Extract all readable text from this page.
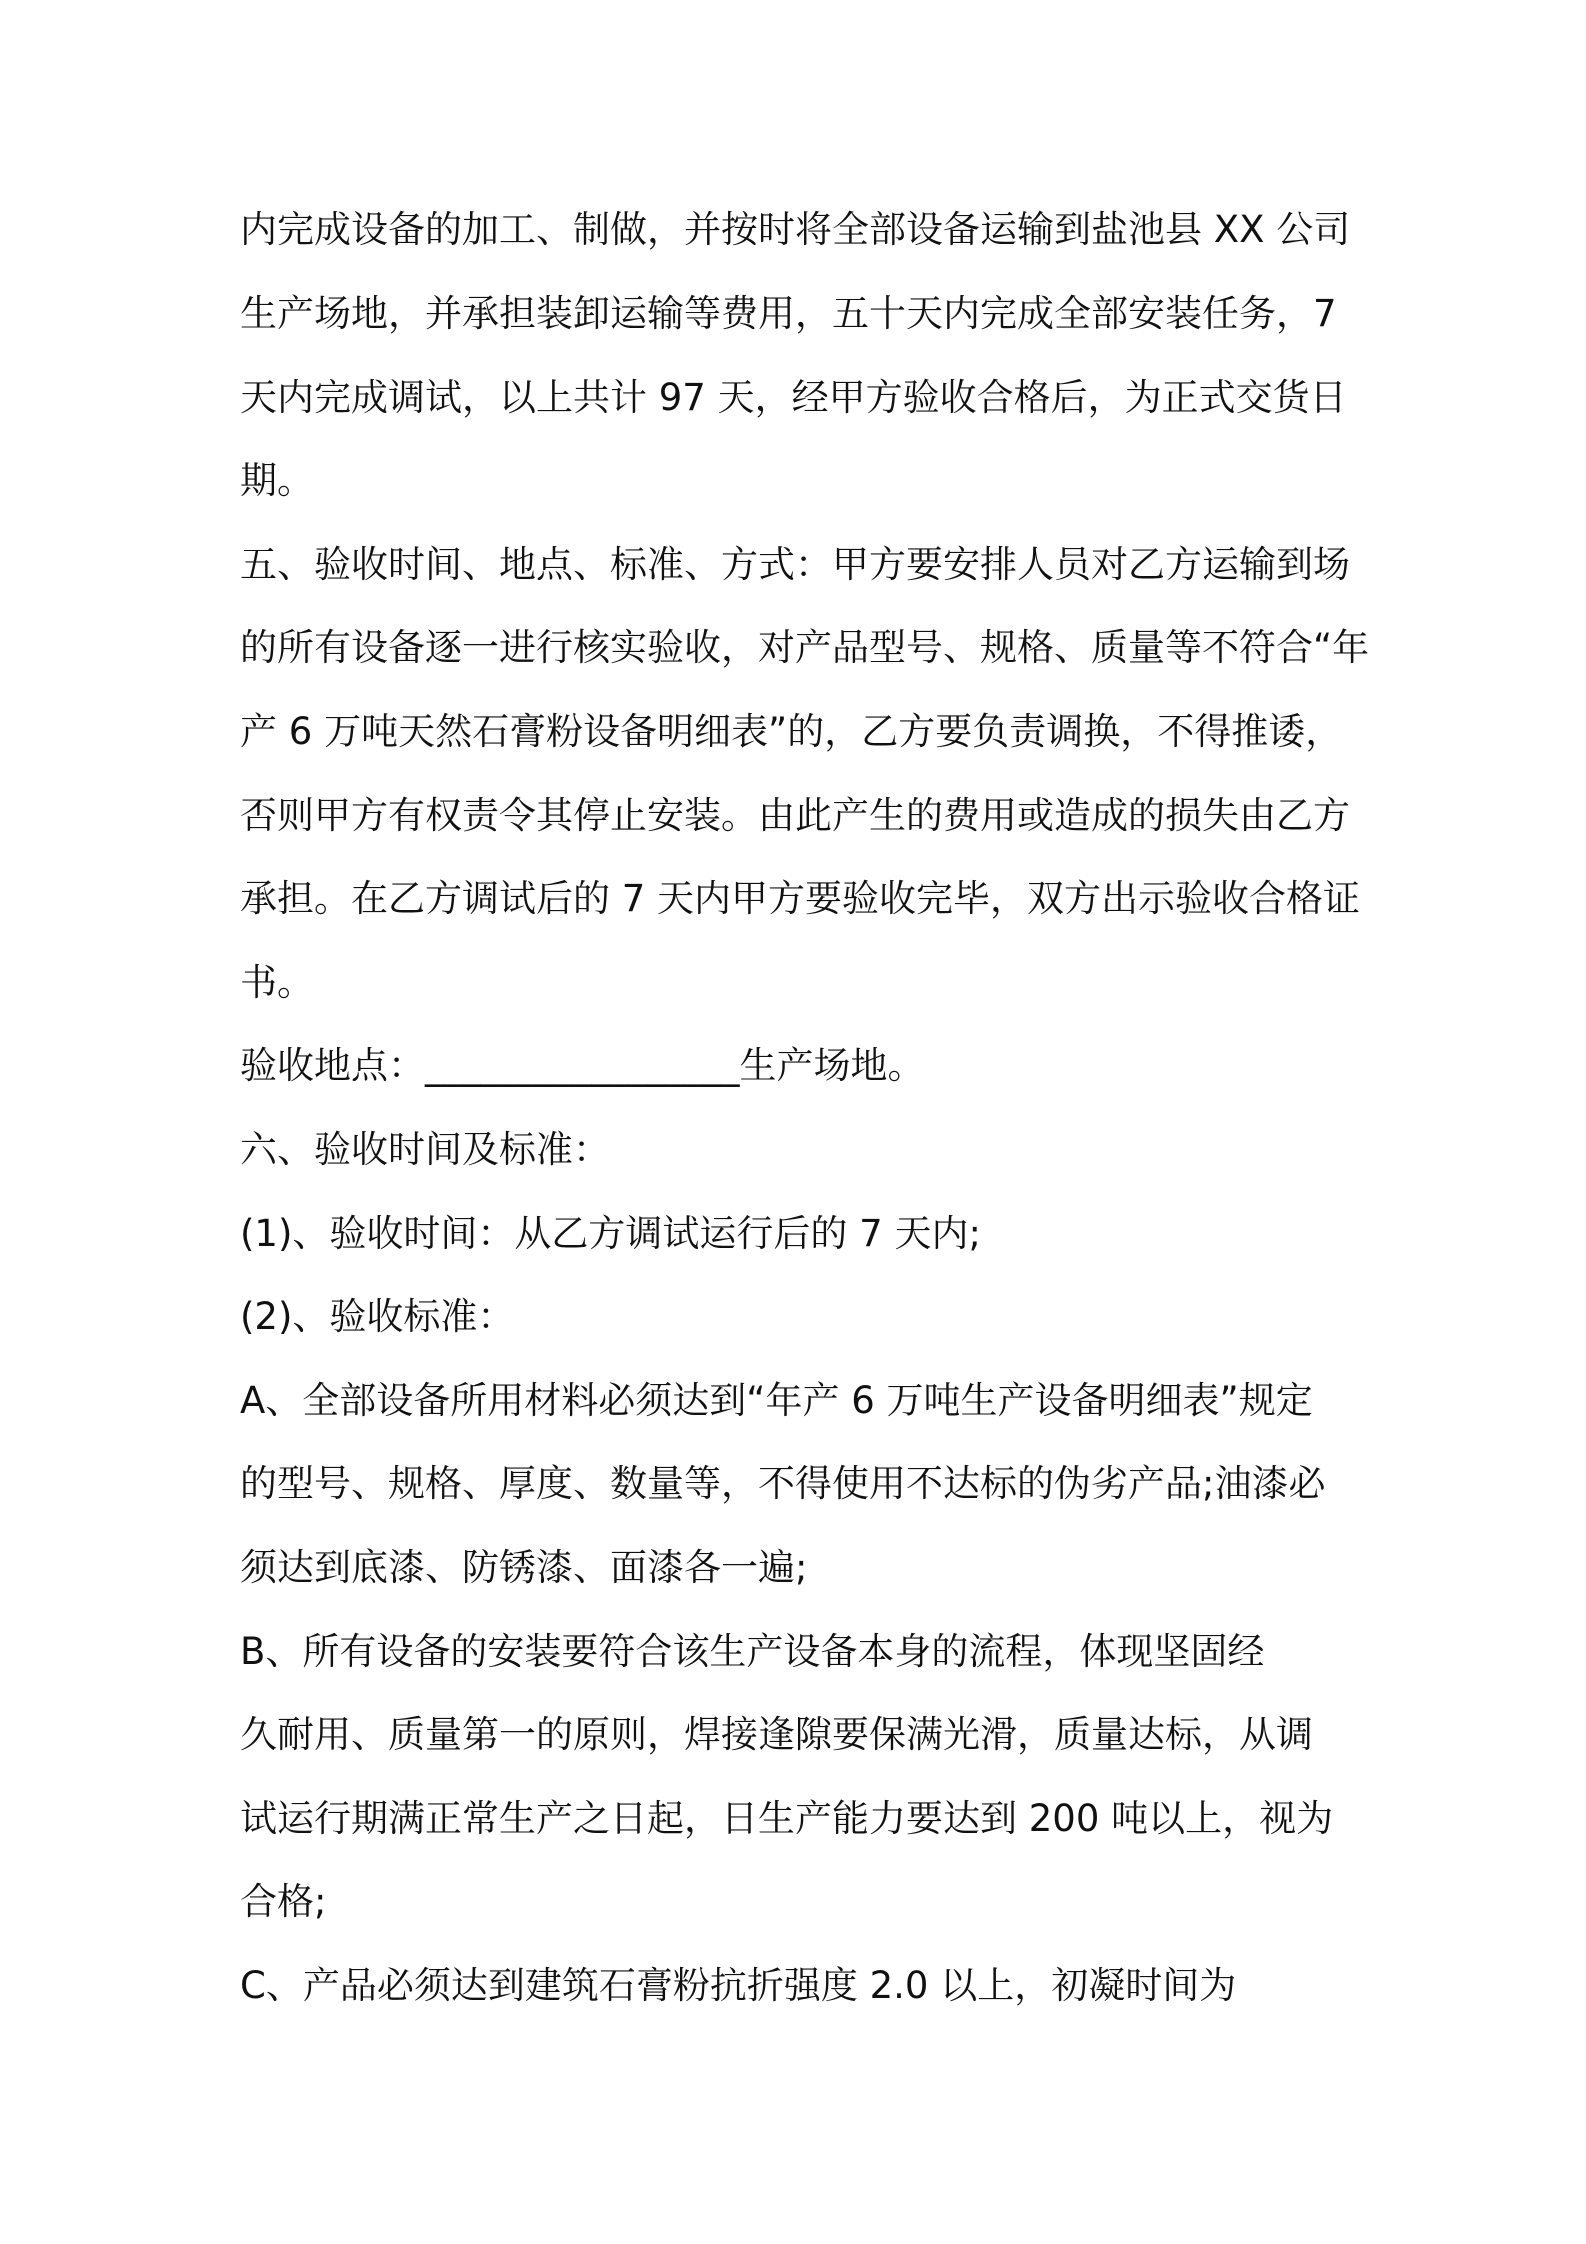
内完成设备的加工、制做，并按时将全部设备运输到盐池县 XX 公司
生产场地，并承担装卸运输等费用，五十天内完成全部安装任务，7
天内完成调试，以上共计 97 天，经甲方验收合格后，为正式交货日
期。
五、验收时间、地点、标准、方式：甲方要安排人员对乙方运输到场
的所有设备逐一进行核实验收，对产品型号、规格、质量等不符合“年
产 6 万吨天然石膏粉设备明细表”的，乙方要负责调换，不得推诿，
否则甲方有权责令其停止安装。由此产生的费用或造成的损失由乙方
承担。在乙方调试后的 7 天内甲方要验收完毕，双方出示验收合格证
书。
验收地点：_________________生产场地。
六、验收时间及标准：
(1)、验收时间：从乙方调试运行后的 7 天内;
(2)、验收标准：
A、全部设备所用材料必须达到“年产 6 万吨生产设备明细表”规定
的型号、规格、厚度、数量等，不得使用不达标的伪劣产品;油漆必
须达到底漆、防锈漆、面漆各一遍;
B、所有设备的安装要符合该生产设备本身的流程，体现坚固经
久耐用、质量第一的原则，焊接逢隙要保满光滑，质量达标，从调
试运行期满正常生产之日起，日生产能力要达到 200 吨以上，视为
合格;
C、产品必须达到建筑石膏粉抗折强度 2.0 以上，初凝时间为
